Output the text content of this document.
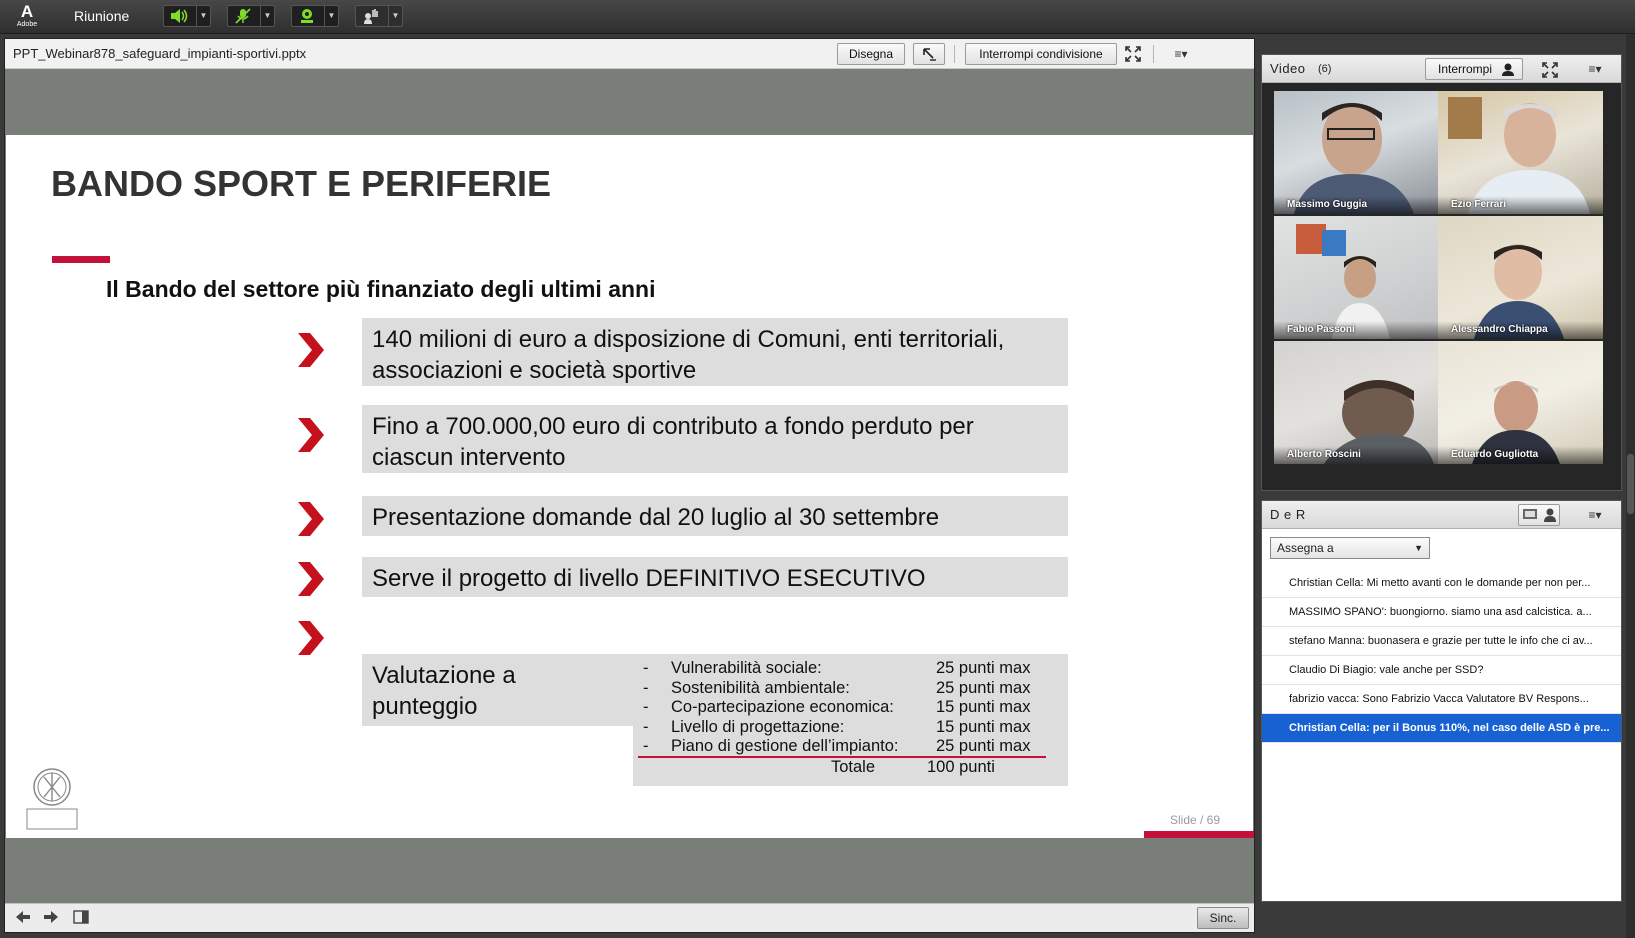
A
Adobe
Riunione	▼	▼	▼	▼
PPT_Webinar878_safeguard_impianti-sportivi.pptx	Disegna	Interrompi condivisione	≡▾
BANDO SPORT E PERIFERIE
Il Bando del settore più finanziato degli ultimi anni
140 milioni di euro a disposizione di Comuni, enti territoriali, associazioni e società sportive
Fino a 700.000,00 euro di contributo a fondo perduto per ciascun intervento
Presentazione domande dal 20 luglio al 30 settembre
Serve il progetto di livello DEFINITIVO ESECUTIVO
Valutazione a punteggio
- Vulnerabilità sociale:	25 punti max
- Sostenibilità ambientale:	25 punti max
- Co-partecipazione economica:	15 punti max
- Livello di progettazione:	15 punti max
- Piano di gestione dell’impianto: 25 punti max
Totale	100 punti
Slide / 69
Sinc.
Video (6)	Interrompi	≡▾
Massimo Guggia	Ezio Ferrari
Fabio Passoni	Alessandro Chiappa
Alberto Roscini	Eduardo Gugliotta
D e R	≡▾
Assegna a	▼
Christian Cella: Mi metto avanti con le domande per non per...
MASSIMO SPANO': buongiorno. siamo una asd calcistica. a...
stefano Manna: buonasera e grazie per tutte le info che ci av...
Claudio Di Biagio: vale anche per SSD?
fabrizio vacca: Sono Fabrizio Vacca Valutatore BV Respons...
Christian Cella: per il Bonus 110%, nel caso delle ASD è pre...
